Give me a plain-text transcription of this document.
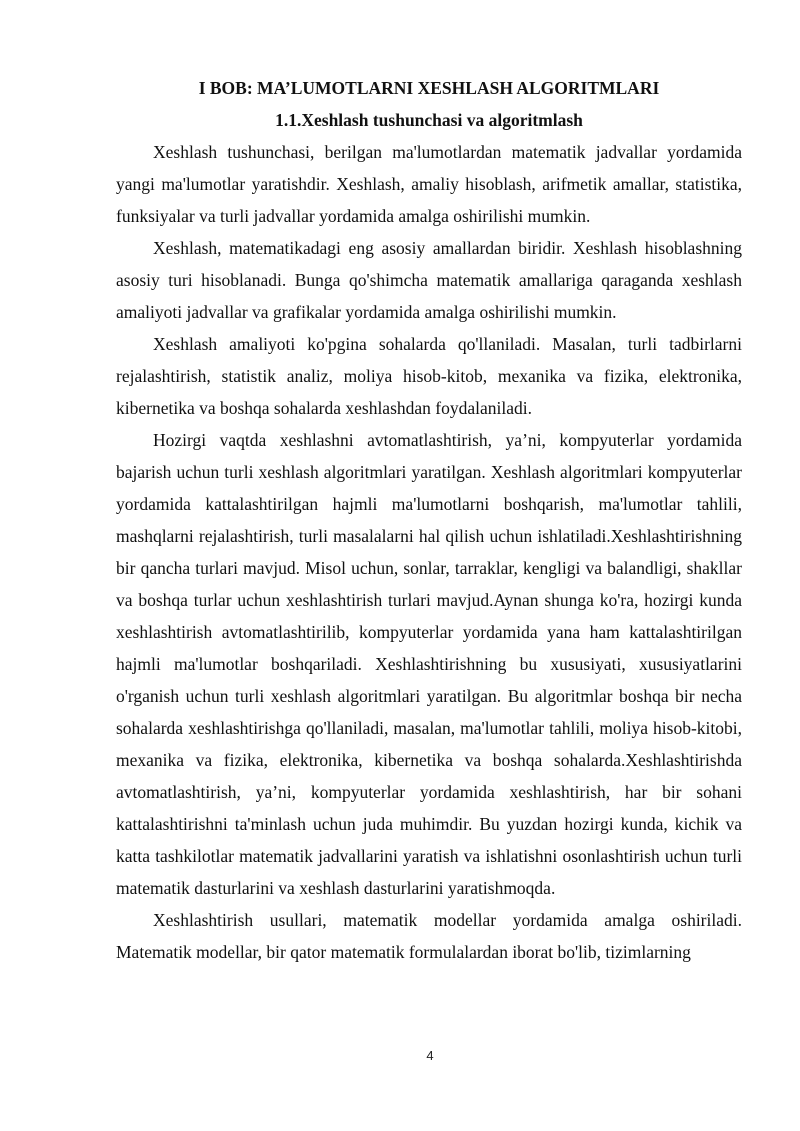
I BOB: MA’LUMOTLARNI XESHLASH ALGORITMLARI
1.1.Xeshlash tushunchasi va algoritmlash

Xeshlash tushunchasi, berilgan ma'lumotlardan matematik jadvallar yordamida yangi ma'lumotlar yaratishdir. Xeshlash, amaliy hisoblash, arifmetik amallar, statistika, funksiyalar va turli jadvallar yordamida amalga oshirilishi mumkin.

Xeshlash, matematikadagi eng asosiy amallardan biridir. Xeshlash hisoblashning asosiy turi hisoblanadi. Bunga qo'shimcha matematik amallariga qaraganda xeshlash amaliyoti jadvallar va grafikalar yordamida amalga oshirilishi mumkin.

Xeshlash amaliyoti ko'pgina sohalarda qo'llaniladi. Masalan, turli tadbirlarni rejalashtirish, statistik analiz, moliya hisob-kitob, mexanika va fizika, elektronika, kibernetika va boshqa sohalarda xeshlashdan foydalaniladi.

Hozirgi vaqtda xeshlashni avtomatlashtirish, ya’ni, kompyuterlar yordamida bajarish uchun turli xeshlash algoritmlari yaratilgan. Xeshlash algoritmlari kompyuterlar yordamida kattalashtirilgan hajmli ma'lumotlarni boshqarish, ma'lumotlar tahlili, mashqlarni rejalashtirish, turli masalalarni hal qilish uchun ishlatiladi.Xeshlashtirishning bir qancha turlari mavjud. Misol uchun, sonlar, tarraklar, kengligi va balandligi, shakllar va boshqa turlar uchun xeshlashtirish turlari mavjud.Aynan shunga ko'ra, hozirgi kunda xeshlashtirish avtomatlashtirilib, kompyuterlar yordamida yana ham kattalashtirilgan hajmli ma'lumotlar boshqariladi. Xeshlashtirishning bu xususiyati, xususiyatlarini o'rganish uchun turli xeshlash algoritmlari yaratilgan. Bu algoritmlar boshqa bir necha sohalarda xeshlashtirishga qo'llaniladi, masalan, ma'lumotlar tahlili, moliya hisob-kitobi, mexanika va fizika, elektronika, kibernetika va boshqa sohalarda.Xeshlashtirishda avtomatlashtirish, ya’ni, kompyuterlar yordamida xeshlashtirish, har bir sohani kattalashtirishni ta'minlash uchun juda muhimdir. Bu yuzdan hozirgi kunda, kichik va katta tashkilotlar matematik jadvallarini yaratish va ishlatishni osonlashtirish uchun turli matematik dasturlarini va xeshlash dasturlarini yaratishmoqda.

Xeshlashtirish usullari, matematik modellar yordamida amalga oshiriladi. Matematik modellar, bir qator matematik formulalardan iborat bo'lib, tizimlarning

4
